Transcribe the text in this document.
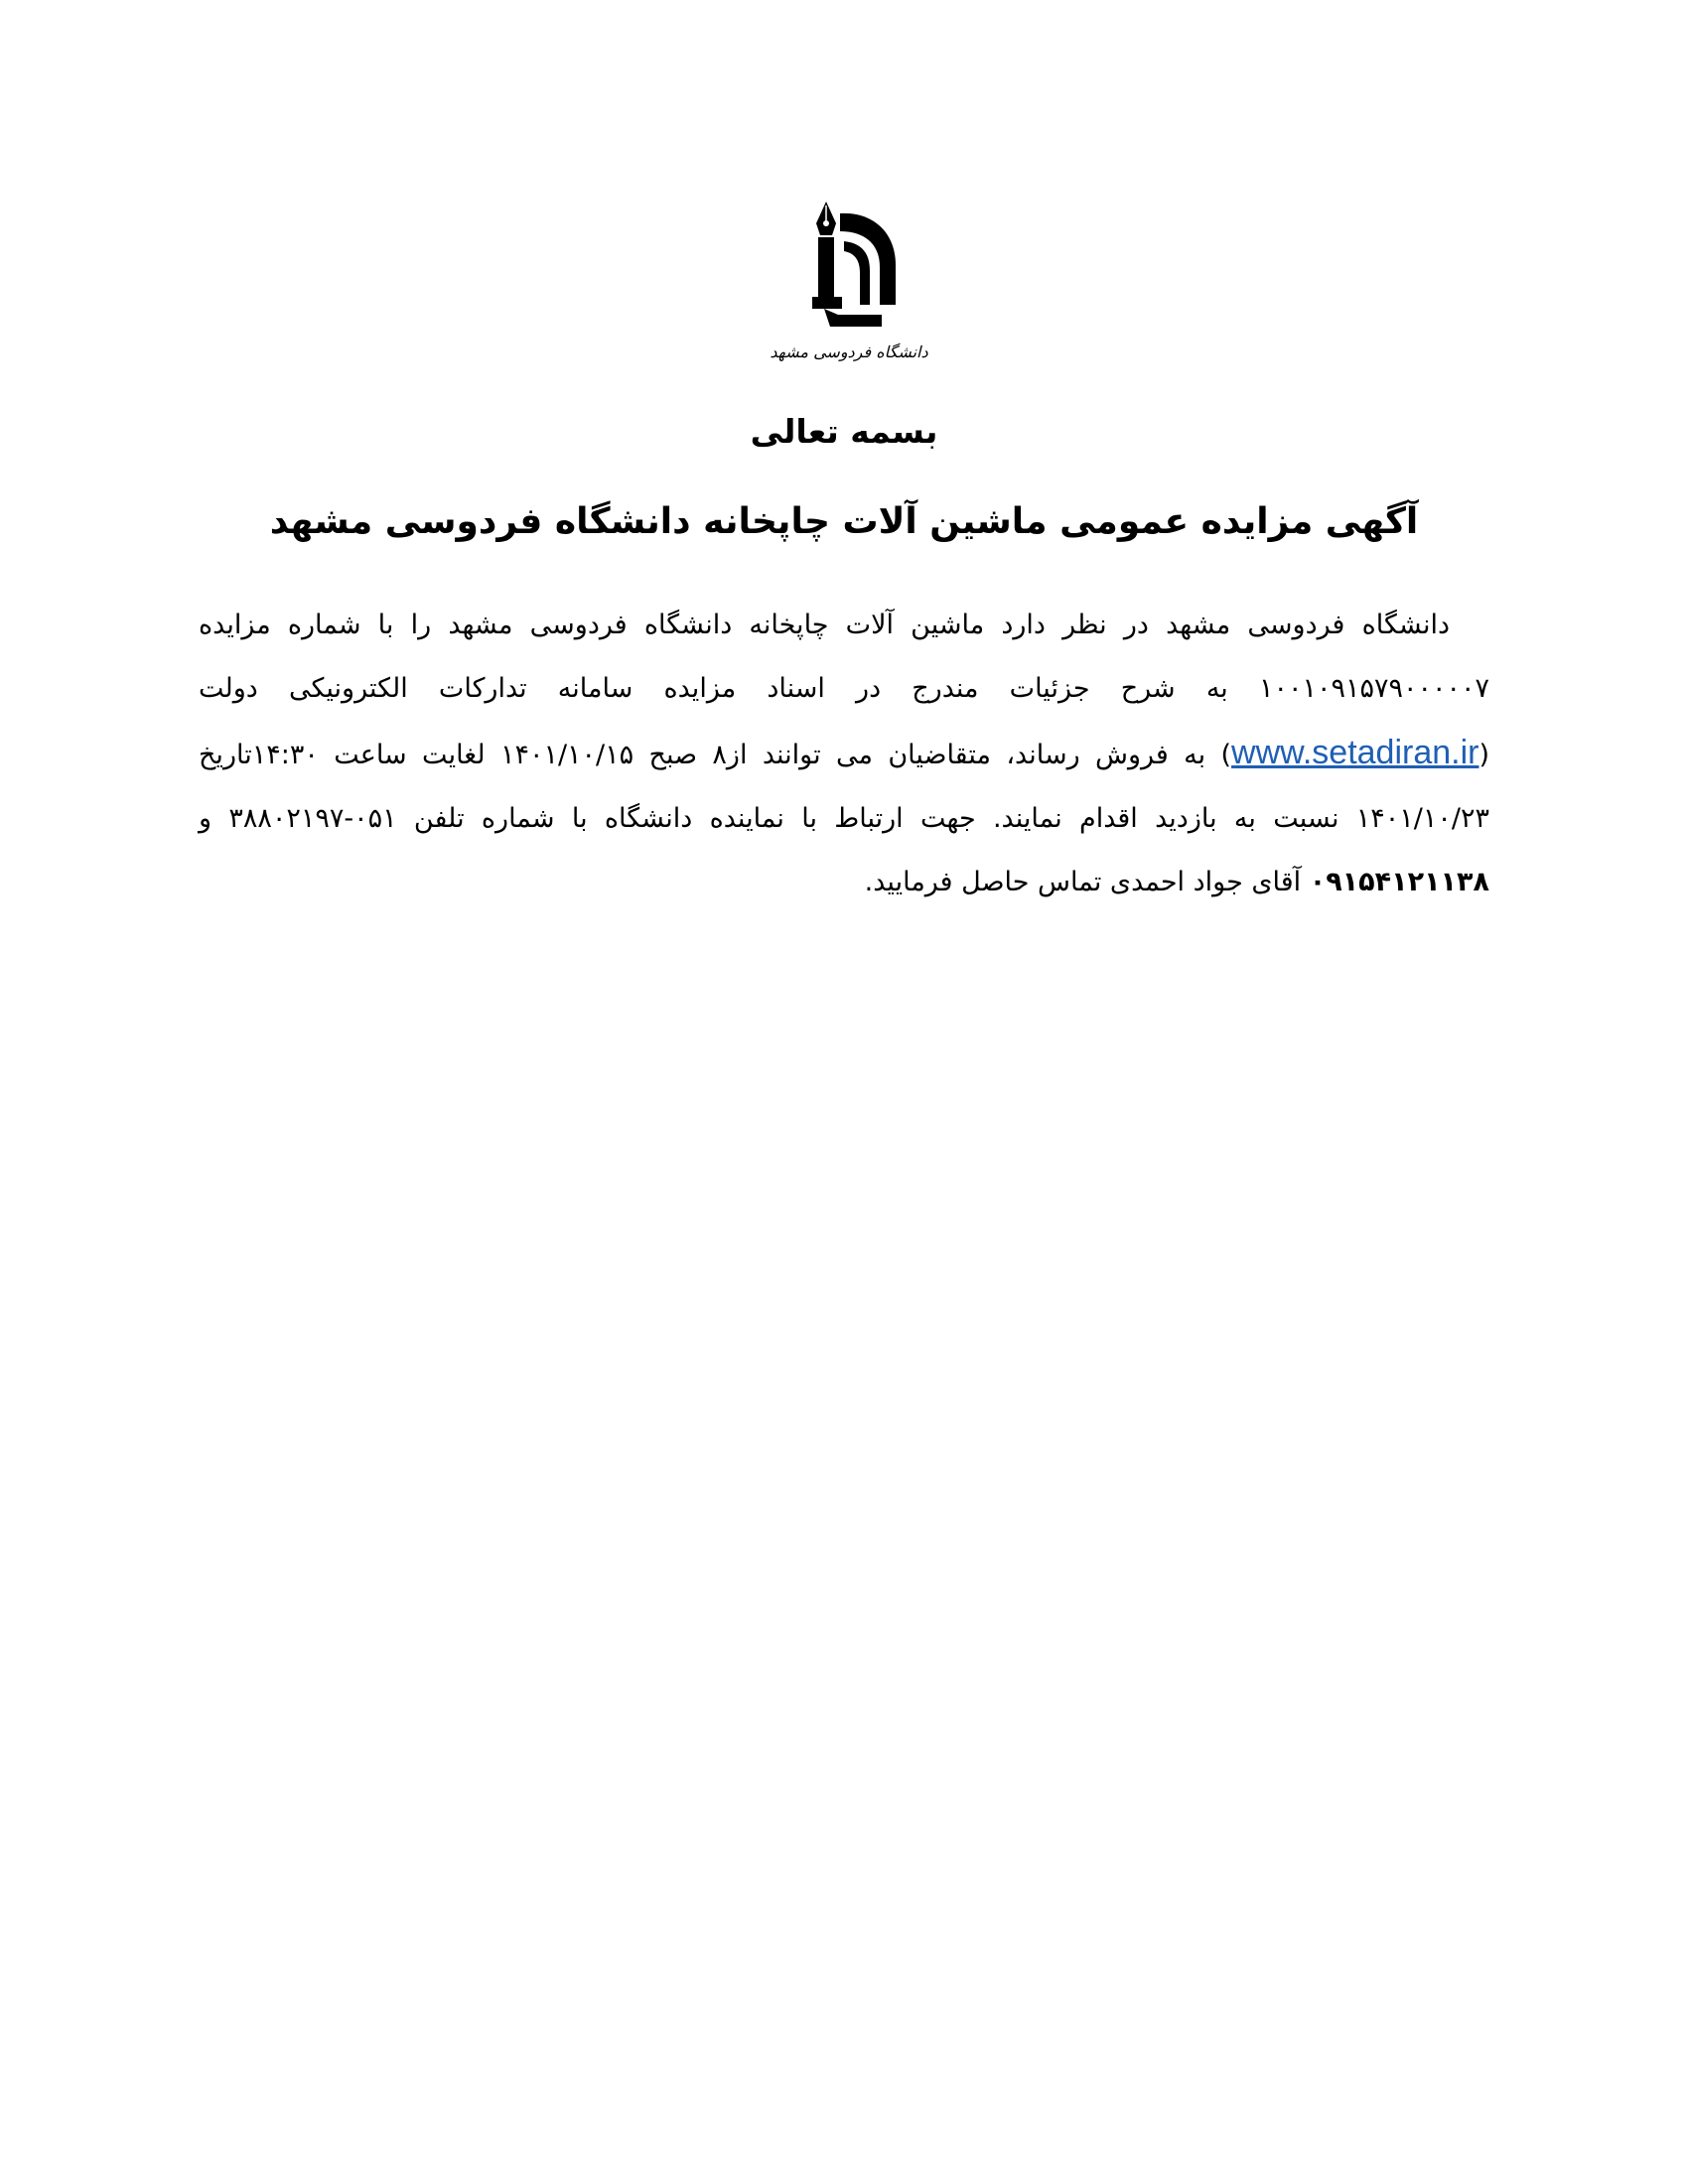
دانشگاه فردوسی مشهد
بسمه تعالی
آگهی مزایده عمومی ماشین آلات چاپخانه دانشگاه فردوسی مشهد

دانشگاه فردوسی مشهد در نظر دارد ماشین آلات چاپخانه دانشگاه فردوسی مشهد را با شماره مزایده ۱۰۰۱۰۹۱۵۷۹۰۰۰۰۰۷ به شرح جزئیات مندرج در اسناد مزایده سامانه تدارکات الکترونیکی دولت (www.setadiran.ir) به فروش رساند، متقاضیان می توانند از۸ صبح ۱۴۰۱/۱۰/۱۵ لغایت ساعت ۱۴:۳۰تاریخ ۱۴۰۱/۱۰/۲۳ نسبت به بازدید اقدام نمایند. جهت ارتباط با نماینده دانشگاه با شماره تلفن ۰۵۱-۳۸۸۰۲۱۹۷ و ۰۹۱۵۴۱۲۱۱۳۸ آقای جواد احمدی تماس حاصل فرمایید.
